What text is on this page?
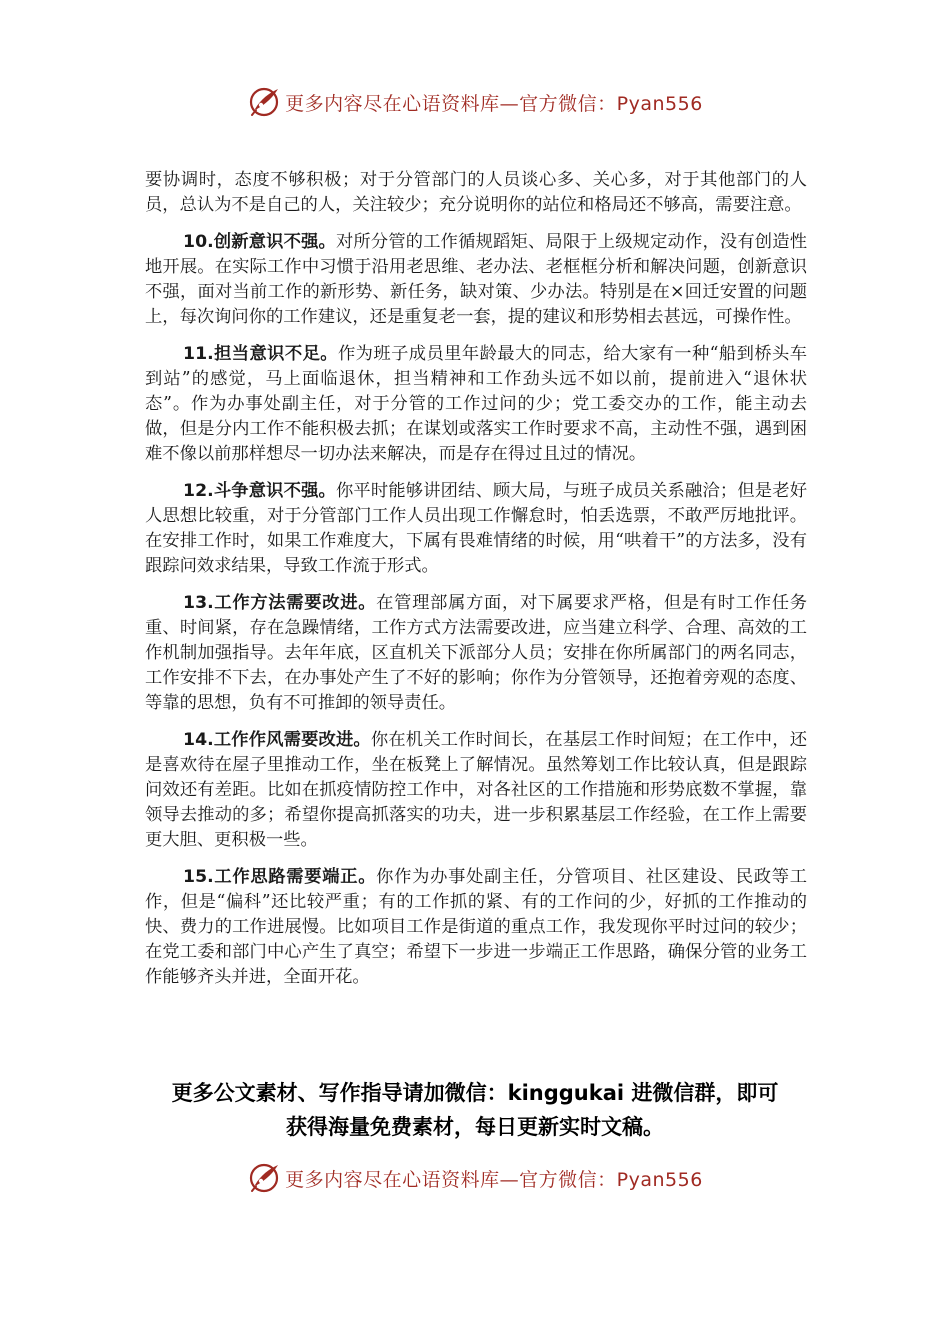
更多内容尽在心语资料库—官方微信：Pyan556

要协调时，态度不够积极；对于分管部门的人员谈心多、关心多，对于其他部门的人员，总认为不是自己的人，关注较少；充分说明你的站位和格局还不够高，需要注意。

10.创新意识不强。对所分管的工作循规蹈矩、局限于上级规定动作，没有创造性地开展。在实际工作中习惯于沿用老思维、老办法、老框框分析和解决问题，创新意识不强，面对当前工作的新形势、新任务，缺对策、少办法。特别是在×回迁安置的问题上，每次询问你的工作建议，还是重复老一套，提的建议和形势相去甚远，可操作性。

11.担当意识不足。作为班子成员里年龄最大的同志，给大家有一种“船到桥头车到站”的感觉，马上面临退休，担当精神和工作劲头远不如以前，提前进入“退休状态”。作为办事处副主任，对于分管的工作过问的少；党工委交办的工作，能主动去做，但是分内工作不能积极去抓；在谋划或落实工作时要求不高，主动性不强，遇到困难不像以前那样想尽一切办法来解决，而是存在得过且过的情况。

12.斗争意识不强。你平时能够讲团结、顾大局，与班子成员关系融洽；但是老好人思想比较重，对于分管部门工作人员出现工作懈怠时，怕丢选票，不敢严厉地批评。在安排工作时，如果工作难度大，下属有畏难情绪的时候，用“哄着干”的方法多，没有跟踪问效求结果，导致工作流于形式。

13.工作方法需要改进。在管理部属方面，对下属要求严格，但是有时工作任务重、时间紧，存在急躁情绪，工作方式方法需要改进，应当建立科学、合理、高效的工作机制加强指导。去年年底，区直机关下派部分人员；安排在你所属部门的两名同志，工作安排不下去，在办事处产生了不好的影响；你作为分管领导，还抱着旁观的态度、等靠的思想，负有不可推卸的领导责任。

14.工作作风需要改进。你在机关工作时间长，在基层工作时间短；在工作中，还是喜欢待在屋子里推动工作，坐在板凳上了解情况。虽然筹划工作比较认真，但是跟踪问效还有差距。比如在抓疫情防控工作中，对各社区的工作措施和形势底数不掌握，靠领导去推动的多；希望你提高抓落实的功夫，进一步积累基层工作经验，在工作上需要更大胆、更积极一些。

15.工作思路需要端正。你作为办事处副主任，分管项目、社区建设、民政等工作，但是“偏科”还比较严重；有的工作抓的紧、有的工作问的少，好抓的工作推动的快、费力的工作进展慢。比如项目工作是街道的重点工作，我发现你平时过问的较少；在党工委和部门中心产生了真空；希望下一步进一步端正工作思路，确保分管的业务工作能够齐头并进，全面开花。

更多公文素材、写作指导请加微信：kinggukai 进微信群，即可
获得海量免费素材，每日更新实时文稿。
更多内容尽在心语资料库—官方微信：Pyan556
